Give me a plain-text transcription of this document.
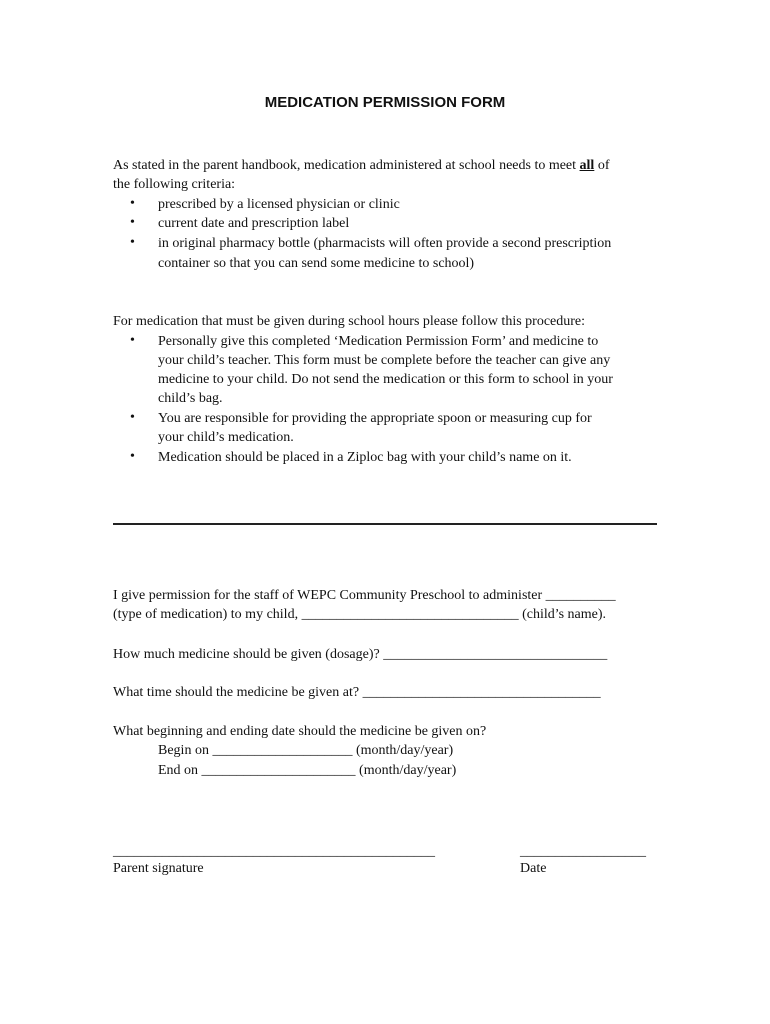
MEDICATION PERMISSION FORM
As stated in the parent handbook, medication administered at school needs to meet all of
the following criteria:
• prescribed by a licensed physician or clinic
• current date and prescription label
• in original pharmacy bottle (pharmacists will often provide a second prescription
container so that you can send some medicine to school)
For medication that must be given during school hours please follow this procedure:
• Personally give this completed ‘Medication Permission Form’ and medicine to
your child’s teacher. This form must be complete before the teacher can give any
medicine to your child. Do not send the medication or this form to school in your
child’s bag.
• You are responsible for providing the appropriate spoon or measuring cup for
your child’s medication.
• Medication should be placed in a Ziploc bag with your child’s name on it.
I give permission for the staff of WEPC Community Preschool to administer __________
(type of medication) to my child, _______________________________ (child’s name).
How much medicine should be given (dosage)? ________________________________
What time should the medicine be given at? __________________________________
What beginning and ending date should the medicine be given on?
Begin on ____________________ (month/day/year)
End on ______________________ (month/day/year)
______________________________________________
Parent signature
__________________
Date
